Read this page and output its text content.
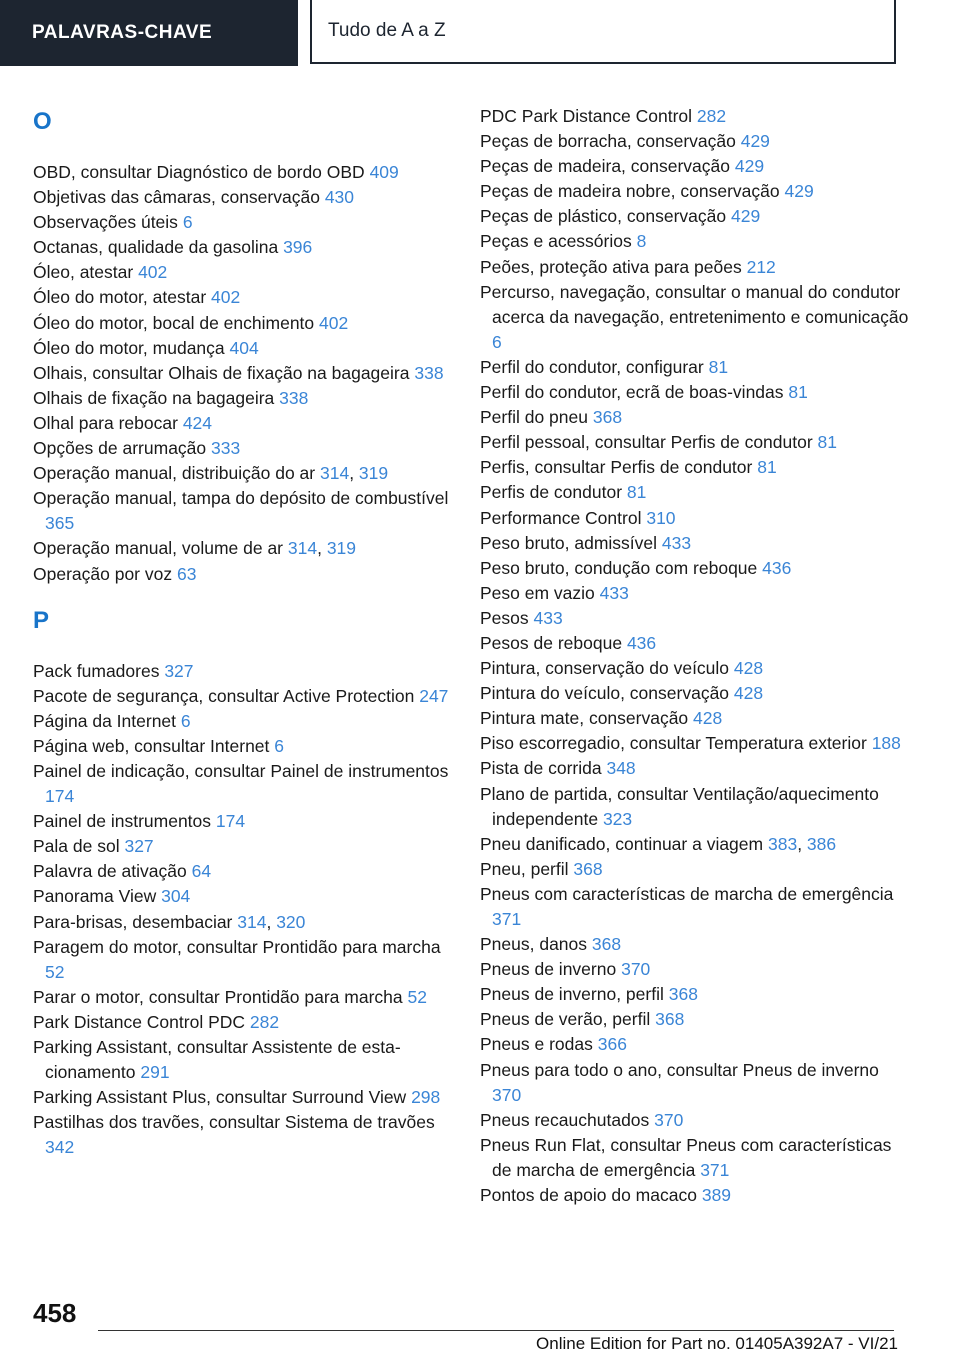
PALAVRAS-CHAVE	Tudo de A a Z
O
OBD, consultar Diagnóstico de bordo OBD 409
Objetivas das câmaras, conservação 430
Observações úteis 6
Octanas, qualidade da gasolina 396
Óleo, atestar 402
Óleo do motor, atestar 402
Óleo do motor, bocal de enchimento 402
Óleo do motor, mudança 404
Olhais, consultar Olhais de fixação na bagageira 338
Olhais de fixação na bagageira 338
Olhal para rebocar 424
Opções de arrumação 333
Operação manual, distribuição do ar 314, 319
Operação manual, tampa do depósito de combustível 365
Operação manual, volume de ar 314, 319
Operação por voz 63
P
Pack fumadores 327
Pacote de segurança, consultar Active Protection 247
Página da Internet 6
Página web, consultar Internet 6
Painel de indicação, consultar Painel de instrumentos 174
Painel de instrumentos 174
Pala de sol 327
Palavra de ativação 64
Panorama View 304
Para-brisas, desembaciar 314, 320
Paragem do motor, consultar Prontidão para marcha 52
Parar o motor, consultar Prontidão para marcha 52
Park Distance Control PDC 282
Parking Assistant, consultar Assistente de estacionamento 291
Parking Assistant Plus, consultar Surround View 298
Pastilhas dos travões, consultar Sistema de travões 342
PDC Park Distance Control 282
Peças de borracha, conservação 429
Peças de madeira, conservação 429
Peças de madeira nobre, conservação 429
Peças de plástico, conservação 429
Peças e acessórios 8
Peões, proteção ativa para peões 212
Percurso, navegação, consultar o manual do condutor acerca da navegação, entretenimento e comunicação 6
Perfil do condutor, configurar 81
Perfil do condutor, ecrã de boas-vindas 81
Perfil do pneu 368
Perfil pessoal, consultar Perfis de condutor 81
Perfis, consultar Perfis de condutor 81
Perfis de condutor 81
Performance Control 310
Peso bruto, admissível 433
Peso bruto, condução com reboque 436
Peso em vazio 433
Pesos 433
Pesos de reboque 436
Pintura, conservação do veículo 428
Pintura do veículo, conservação 428
Pintura mate, conservação 428
Piso escorregadio, consultar Temperatura exterior 188
Pista de corrida 348
Plano de partida, consultar Ventilação/aquecimento independente 323
Pneu danificado, continuar a viagem 383, 386
Pneu, perfil 368
Pneus com características de marcha de emergência 371
Pneus, danos 368
Pneus de inverno 370
Pneus de inverno, perfil 368
Pneus de verão, perfil 368
Pneus e rodas 366
Pneus para todo o ano, consultar Pneus de inverno 370
Pneus recauchutados 370
Pneus Run Flat, consultar Pneus com características de marcha de emergência 371
Pontos de apoio do macaco 389
458
Online Edition for Part no. 01405A392A7 - VI/21
